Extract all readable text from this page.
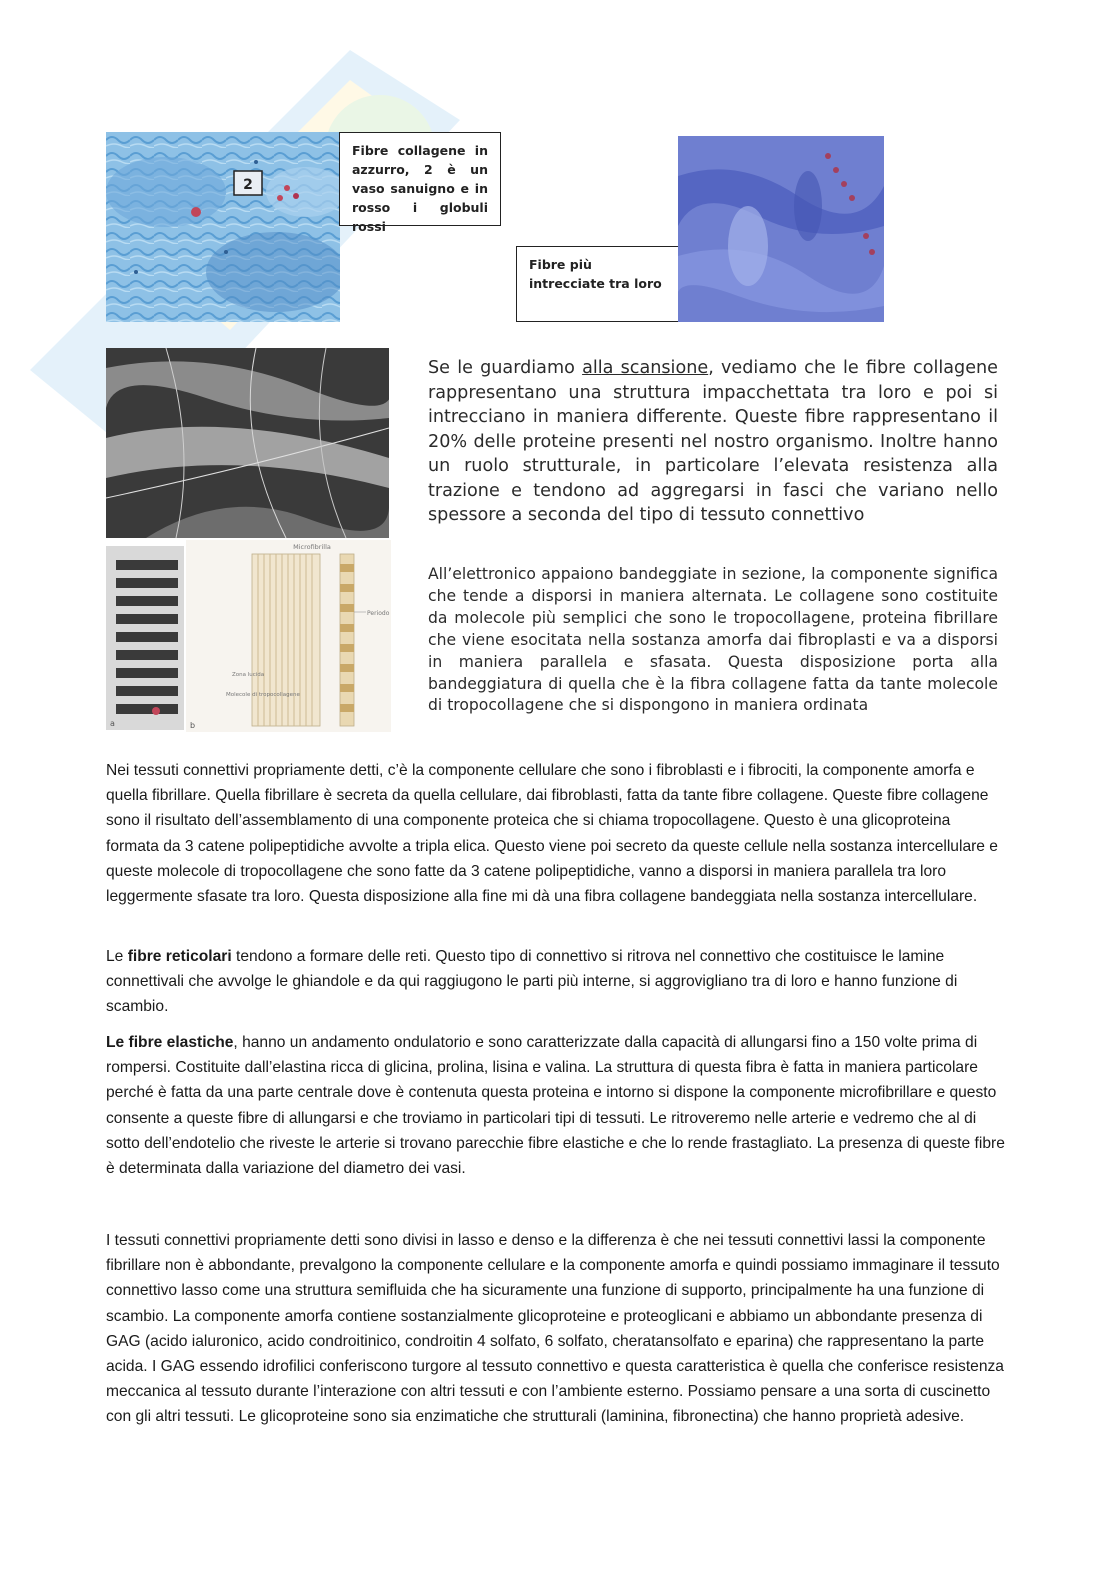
2
Fibre collagene in azzurro, 2 è un vaso sanuigno e in rosso i globuli rossi
Fibre più intrecciate tra loro

Se le guardiamo alla scansione, vediamo che le fibre collagene rappresentano una struttura impacchettata tra loro e poi si intrecciano in maniera differente. Queste fibre rappresentano il 20% delle proteine presenti nel nostro organismo. Inoltre hanno un ruolo strutturale, in particolare l’elevata resistenza alla trazione e tendono ad aggregarsi in fasci che variano nello spessore a seconda del tipo di tessuto connettivo

a
Microfibrilla
Periodo
Zona lucida
Molecole di tropocollagene
b

All’elettronico appaiono bandeggiate in sezione, la componente significa che tende a disporsi in maniera alternata. Le collagene sono costituite da molecole più semplici che sono le tropocollagene, proteina fibrillare che viene esocitata nella sostanza amorfa dai fibroplasti e va a disporsi in maniera parallela e sfasata. Questa disposizione porta alla bandeggiatura di quella che è la fibra collagene fatta da tante molecole di tropocollagene che si dispongono in maniera ordinata

Nei tessuti connettivi propriamente detti, c’è la componente cellulare che sono i fibroblasti e i fibrociti, la componente amorfa e quella fibrillare. Quella fibrillare è secreta da quella cellulare, dai fibroblasti, fatta da tante fibre collagene. Queste fibre collagene sono il risultato dell’assemblamento di una componente proteica che si chiama tropocollagene. Questo è una glicoproteina formata da 3 catene polipeptidiche avvolte a tripla elica. Questo viene poi secreto da queste cellule nella sostanza intercellulare e queste molecole di tropocollagene che sono fatte da 3 catene polipeptidiche, vanno a disporsi in maniera parallela tra loro leggermente sfasate tra loro. Questa disposizione alla fine mi dà una fibra collagene bandeggiata nella sostanza intercellulare.

Le fibre reticolari tendono a formare delle reti. Questo tipo di connettivo si ritrova nel connettivo che costituisce le lamine connettivali che avvolge le ghiandole e da qui raggiugono le parti più interne, si aggrovigliano tra di loro e hanno funzione di scambio.

Le fibre elastiche, hanno un andamento ondulatorio e sono caratterizzate dalla capacità di allungarsi fino a 150 volte prima di rompersi. Costituite dall’elastina ricca di glicina, prolina, lisina e valina. La struttura di questa fibra è fatta in maniera particolare perché è fatta da una parte centrale dove è contenuta questa proteina e intorno si dispone la componente microfibrillare e questo consente a queste fibre di allungarsi e che troviamo in particolari tipi di tessuti. Le ritroveremo nelle arterie e vedremo che al di sotto dell’endotelio che riveste le arterie si trovano parecchie fibre elastiche e che lo rende frastagliato. La presenza di queste fibre è determinata dalla variazione del diametro dei vasi.

I tessuti connettivi propriamente detti sono divisi in lasso e denso e la differenza è che nei tessuti connettivi lassi la componente fibrillare non è abbondante, prevalgono la componente cellulare e la componente amorfa e quindi possiamo immaginare il tessuto connettivo lasso come una struttura semifluida che ha sicuramente una funzione di supporto, principalmente ha una funzione di scambio. La componente amorfa contiene sostanzialmente glicoproteine e proteoglicani e abbiamo un abbondante presenza di GAG (acido ialuronico, acido condroitinico, condroitin 4 solfato, 6 solfato, cheratansolfato e eparina) che rappresentano la parte acida. I GAG essendo idrofilici conferiscono turgore al tessuto connettivo e questa caratteristica è quella che conferisce resistenza meccanica al tessuto durante l’interazione con altri tessuti e con l’ambiente esterno. Possiamo pensare a una sorta di cuscinetto con gli altri tessuti. Le glicoproteine sono sia enzimatiche che strutturali (laminina, fibronectina) che hanno proprietà adesive.
